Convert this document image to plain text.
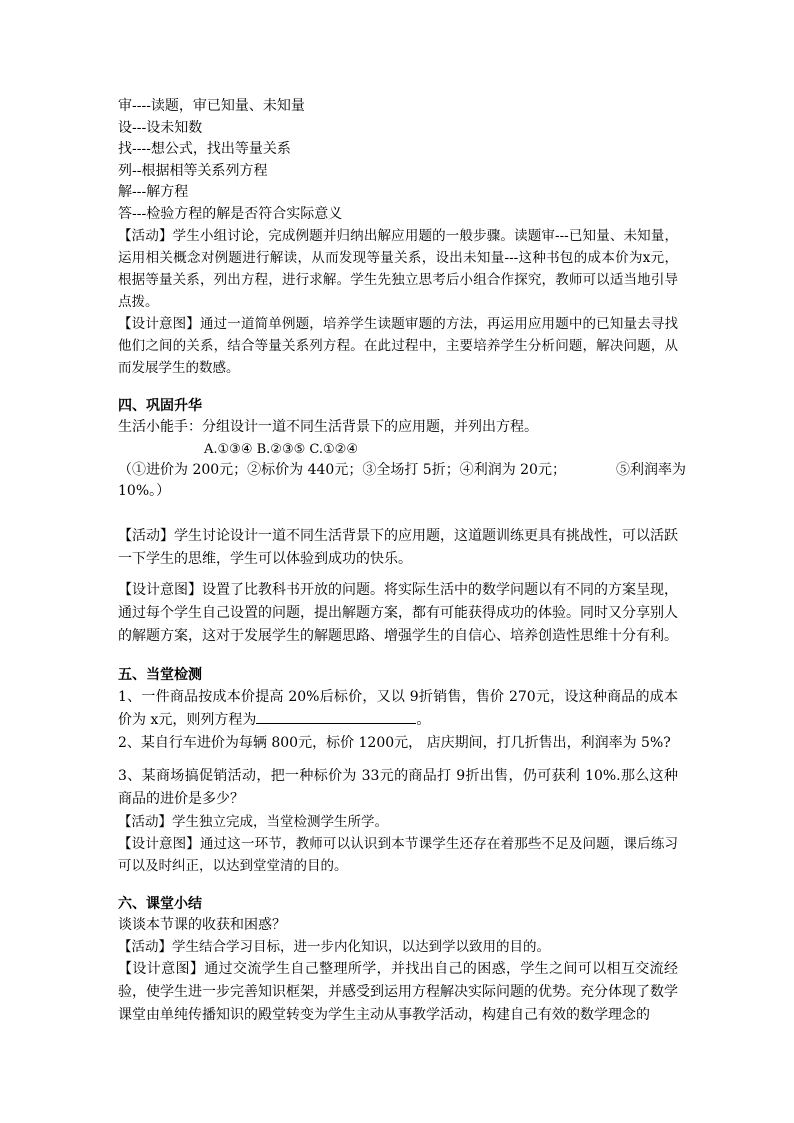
审----读题，审已知量、未知量
设---设未知数
找----想公式，找出等量关系
列--根据相等关系列方程
解---解方程
答---检验方程的解是否符合实际意义

【活动】学生小组讨论，完成例题并归纳出解应用题的一般步骤。读题审---已知量、未知量，运用相关概念对例题进行解读，从而发现等量关系，设出未知量---这种书包的成本价为x元，根据等量关系，列出方程，进行求解。学生先独立思考后小组合作探究，教师可以适当地引导点拨。

【设计意图】通过一道简单例题，培养学生读题审题的方法，再运用应用题中的已知量去寻找他们之间的关系，结合等量关系列方程。在此过程中，主要培养学生分析问题，解决问题，从而发展学生的数感。

四、巩固升华
生活小能手：分组设计一道不同生活背景下的应用题，并列出方程。
A.①③④ B.②③⑤ C.①②④
（①进价为 200元；②标价为 440元；③全场打 5折；④利润为 20元；	⑤利润率为
10%。）

【活动】学生讨论设计一道不同生活背景下的应用题，这道题训练更具有挑战性，可以活跃一下学生的思维，学生可以体验到成功的快乐。

【设计意图】设置了比教科书开放的问题。将实际生活中的数学问题以有不同的方案呈现，通过每个学生自己设置的问题，提出解题方案，都有可能获得成功的体验。同时又分享别人的解题方案，这对于发展学生的解题思路、增强学生的自信心、培养创造性思维十分有利。

五、当堂检测

1、一件商品按成本价提高 20%后标价，又以 9折销售，售价 270元，设这种商品的成本价为 x元，则列方程为	。

2、某自行车进价为每辆 800元，标价 1200元， 店庆期间，打几折售出，利润率为 5%?

3、某商场搞促销活动，把一种标价为 33元的商品打 9折出售，仍可获利 10%.那么这种商品的进价是多少？

【活动】学生独立完成，当堂检测学生所学。

【设计意图】通过这一环节，教师可以认识到本节课学生还存在着那些不足及问题，课后练习可以及时纠正，以达到堂堂清的目的。

六、课堂小结
谈谈本节课的收获和困惑？

【活动】学生结合学习目标，进一步内化知识，以达到学以致用的目的。

【设计意图】通过交流学生自己整理所学，并找出自己的困惑，学生之间可以相互交流经验，使学生进一步完善知识框架，并感受到运用方程解决实际问题的优势。充分体现了数学课堂由单纯传播知识的殿堂转变为学生主动从事教学活动，构建自己有效的数学理念的
